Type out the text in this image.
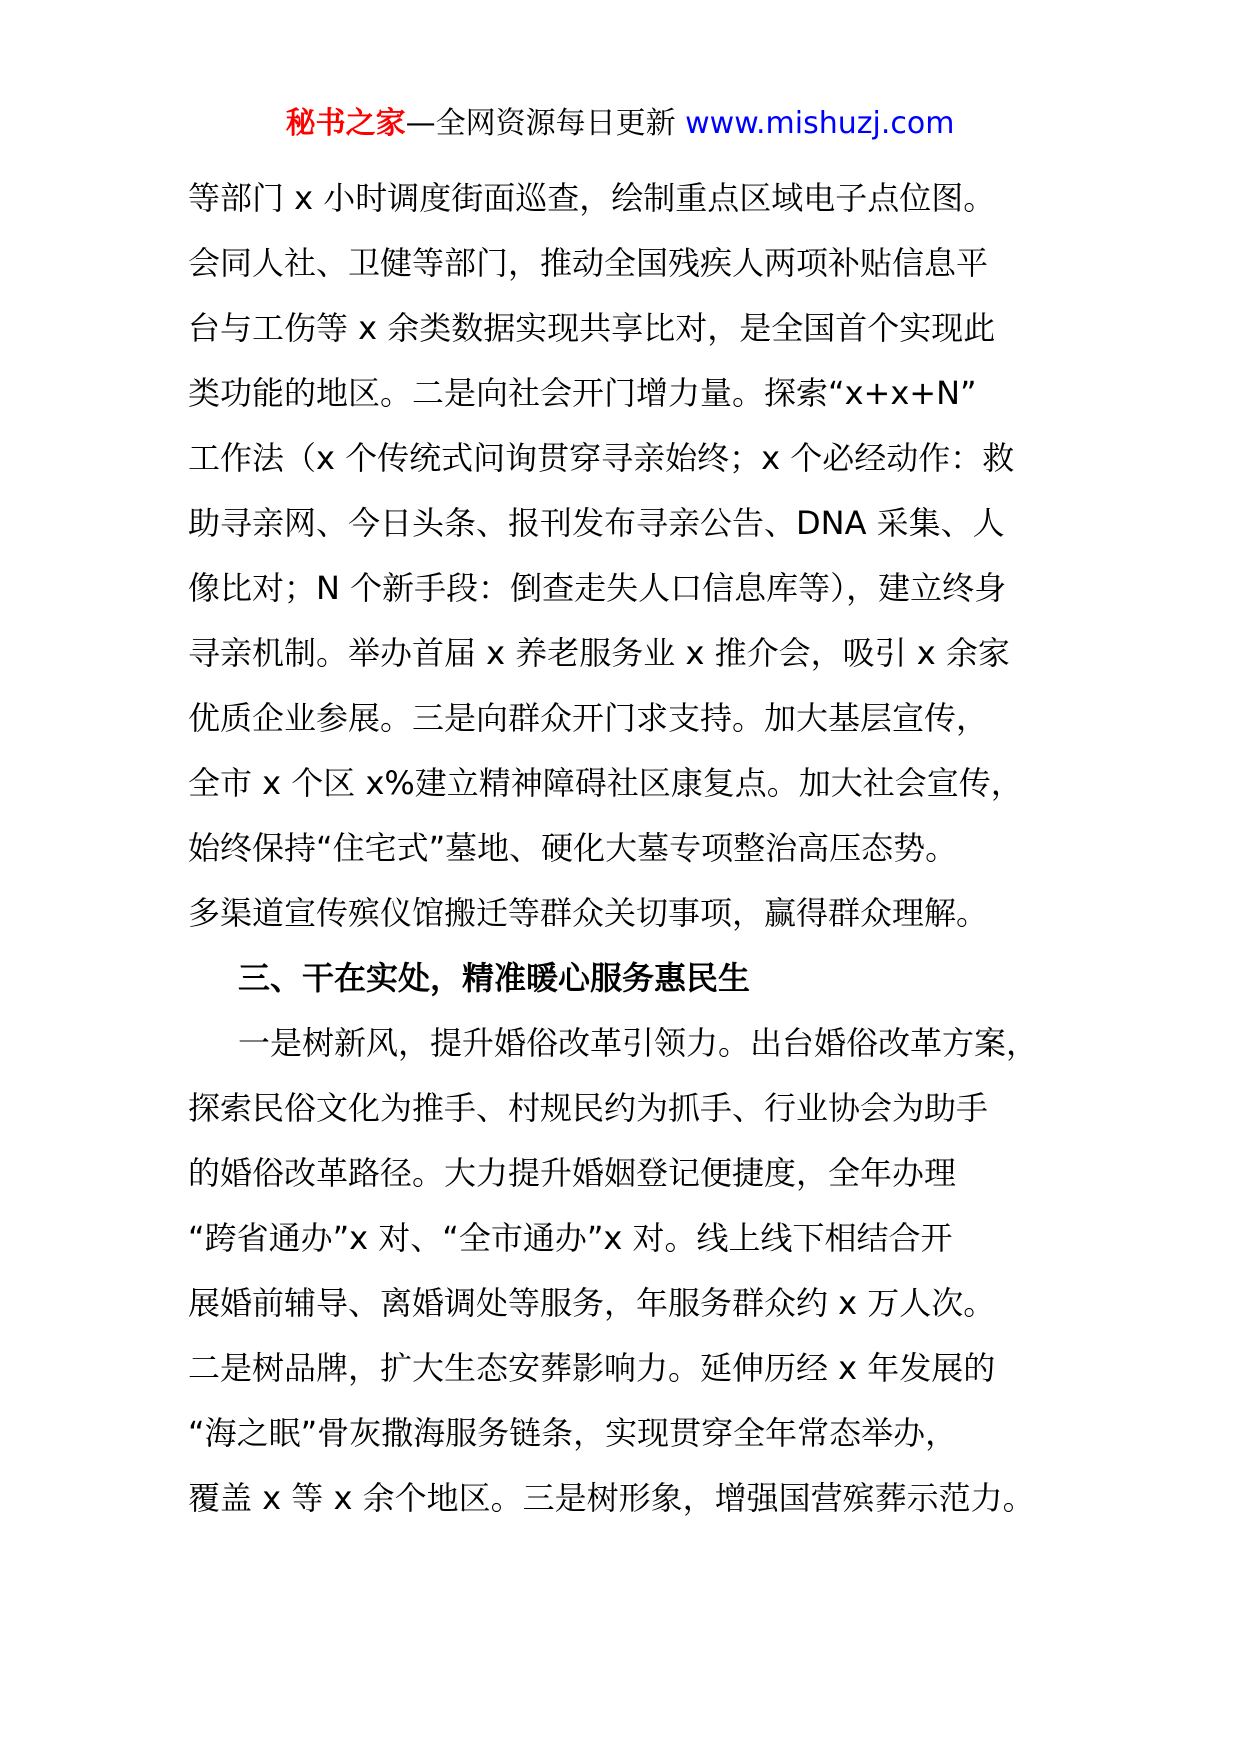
秘书之家—全网资源每日更新 www.mishuzj.com
等部门 x 小时调度街面巡查，绘制重点区域电子点位图。
会同人社、卫健等部门，推动全国残疾人两项补贴信息平
台与工伤等 x 余类数据实现共享比对，是全国首个实现此
类功能的地区。二是向社会开门增力量。探索“x+x+N”
工作法（x 个传统式问询贯穿寻亲始终；x 个必经动作：救
助寻亲网、今日头条、报刊发布寻亲公告、DNA 采集、人
像比对；N 个新手段：倒查走失人口信息库等），建立终身
寻亲机制。举办首届 x 养老服务业 x 推介会，吸引 x 余家
优质企业参展。三是向群众开门求支持。加大基层宣传，
全市 x 个区 x%建立精神障碍社区康复点。加大社会宣传，
始终保持“住宅式”墓地、硬化大墓专项整治高压态势。
多渠道宣传殡仪馆搬迁等群众关切事项，赢得群众理解。
三、干在实处，精准暖心服务惠民生
一是树新风，提升婚俗改革引领力。出台婚俗改革方案，
探索民俗文化为推手、村规民约为抓手、行业协会为助手
的婚俗改革路径。大力提升婚姻登记便捷度，全年办理
“跨省通办”x 对、“全市通办”x 对。线上线下相结合开
展婚前辅导、离婚调处等服务，年服务群众约 x 万人次。
二是树品牌，扩大生态安葬影响力。延伸历经 x 年发展的
“海之眠”骨灰撒海服务链条，实现贯穿全年常态举办，
覆盖 x 等 x 余个地区。三是树形象，增强国营殡葬示范力。
